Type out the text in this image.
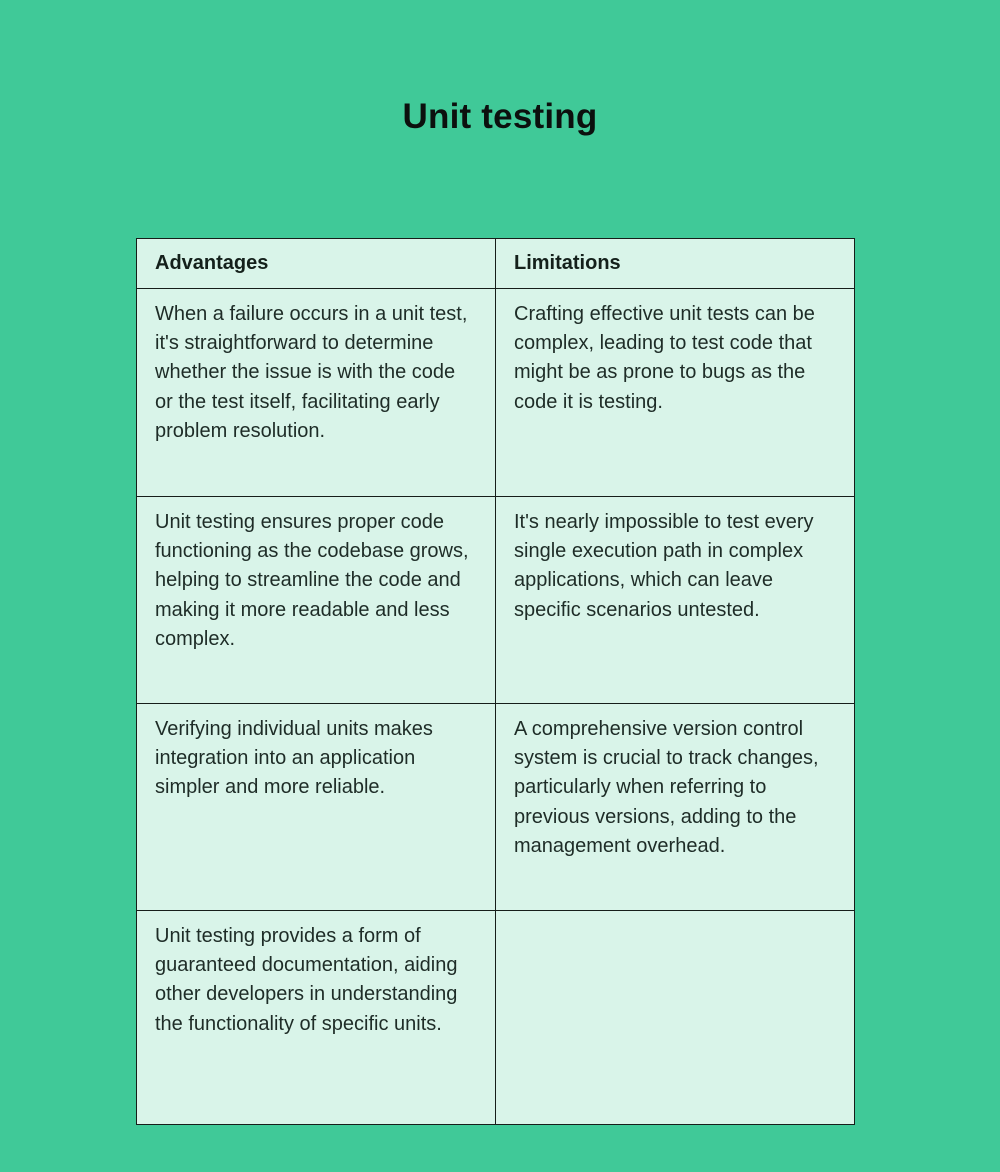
Unit testing
Advantages	Limitations
When a failure occurs in a unit test, it's straightforward to determine whether the issue is with the code or the test itself, facilitating early problem resolution.	Crafting effective unit tests can be complex, leading to test code that might be as prone to bugs as the code it is testing.
Unit testing ensures proper code functioning as the codebase grows, helping to streamline the code and making it more readable and less complex.	It's nearly impossible to test every single execution path in complex applications, which can leave specific scenarios untested.
Verifying individual units makes integration into an application simpler and more reliable.	A comprehensive version control system is crucial to track changes, particularly when referring to previous versions, adding to the management overhead.
Unit testing provides a form of guaranteed documentation, aiding other developers in understanding the functionality of specific units.	
